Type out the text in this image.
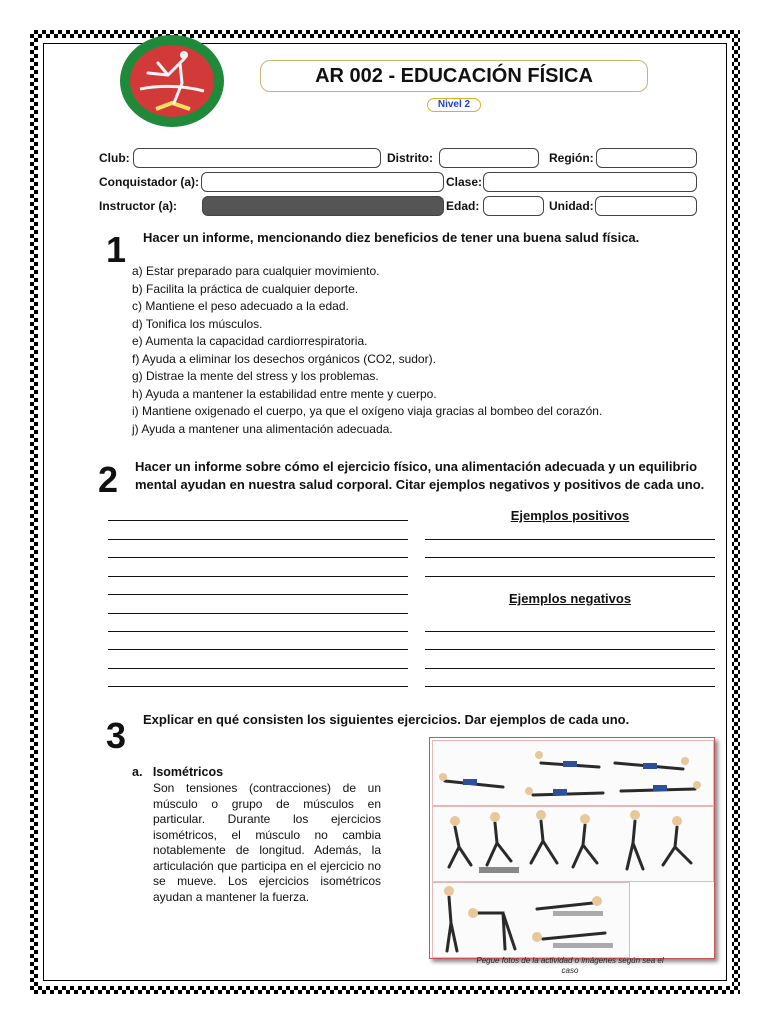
AR 002 - EDUCACIÓN FÍSICA
Nivel 2
Club:	Distrito:	Región:
Conquistador (a):	Clase:
Instructor (a):	Edad:	Unidad:
1 Hacer un informe, mencionando diez beneficios de tener una buena salud física.
a) Estar preparado para cualquier movimiento.
b) Facilita la práctica de cualquier deporte.
c) Mantiene el peso adecuado a la edad.
d) Tonifica los músculos.
e) Aumenta la capacidad cardiorrespiratoria.
f) Ayuda a eliminar los desechos orgánicos (CO2, sudor).
g) Distrae la mente del stress y los problemas.
h) Ayuda a mantener la estabilidad entre mente y cuerpo.
i) Mantiene oxigenado el cuerpo, ya que el oxígeno viaja gracias al bombeo del corazón.
j) Ayuda a mantener una alimentación adecuada.
2 Hacer un informe sobre cómo el ejercicio físico, una alimentación adecuada y un equilibrio mental ayudan en nuestra salud corporal. Citar ejemplos negativos y positivos de cada uno.
Ejemplos positivos
Ejemplos negativos
3 Explicar en qué consisten los siguientes ejercicios. Dar ejemplos de cada uno.
a. Isométricos
Son tensiones (contracciones) de un músculo o grupo de músculos en particular. Durante los ejercicios isométricos, el músculo no cambia notablemente de longitud. Además, la articulación que participa en el ejercicio no se mueve. Los ejercicios isométricos ayudan a mantener la fuerza.
Pegue fotos de la actividad o imágenes según sea el caso
